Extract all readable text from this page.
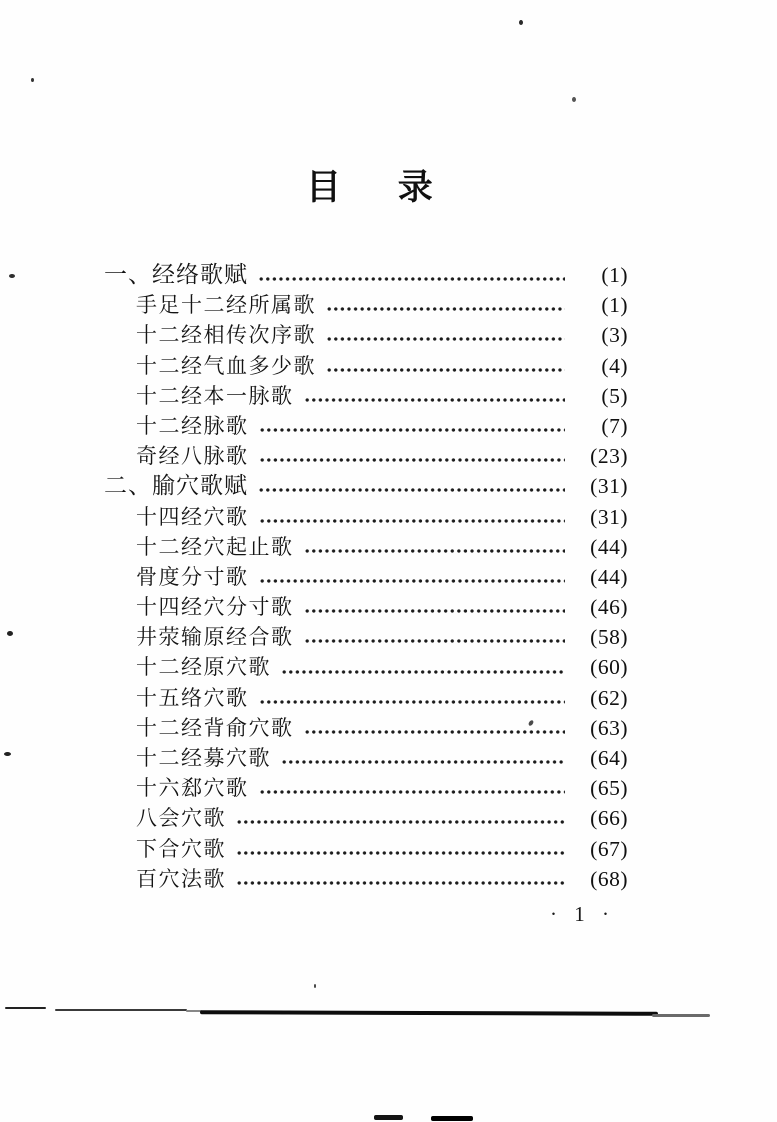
目 录
一、经络歌赋	(1)
手足十二经所属歌	(1)
十二经相传次序歌	(3)
十二经气血多少歌	(4)
十二经本一脉歌	(5)
十二经脉歌	(7)
奇经八脉歌	(23)
二、腧穴歌赋	(31)
十四经穴歌	(31)
十二经穴起止歌	(44)
骨度分寸歌	(44)
十四经穴分寸歌	(46)
井荥输原经合歌	(58)
十二经原穴歌	(60)
十五络穴歌	(62)
十二经背俞穴歌	(63)
十二经募穴歌	(64)
十六郄穴歌	(65)
八会穴歌	(66)
下合穴歌	(67)
百穴法歌	(68)
· 1 ·
